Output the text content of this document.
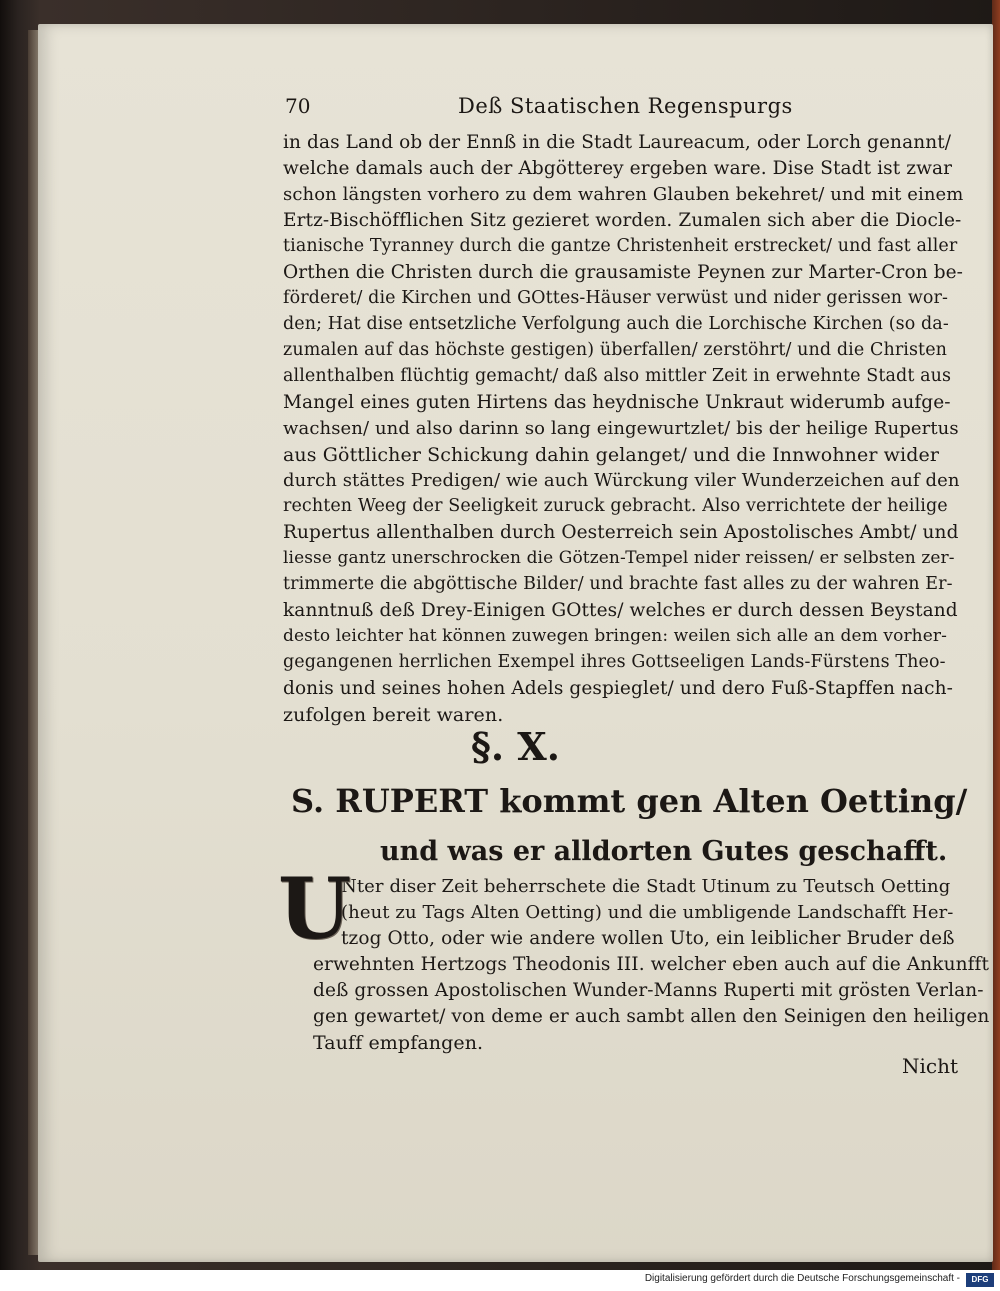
70	Deß Staatischen Regenspurgs
in das Land ob der Ennß in die Stadt Laureacum, oder Lorch genannt/
welche damals auch der Abgötterey ergeben ware. Dise Stadt ist zwar
schon längsten vorhero zu dem wahren Glauben bekehret/ und mit einem
Ertz-Bischöfflichen Sitz gezieret worden. Zumalen sich aber die Diocle-
tianische Tyranney durch die gantze Christenheit erstrecket/ und fast aller
Orthen die Christen durch die grausamiste Peynen zur Marter-Cron be-
förderet/ die Kirchen und GOttes-Häuser verwüst und nider gerissen wor-
den; Hat dise entsetzliche Verfolgung auch die Lorchische Kirchen (so da-
zumalen auf das höchste gestigen) überfallen/ zerstöhrt/ und die Christen
allenthalben flüchtig gemacht/ daß also mittler Zeit in erwehnte Stadt aus
Mangel eines guten Hirtens das heydnische Unkraut widerumb aufge-
wachsen/ und also darinn so lang eingewurtzlet/ bis der heilige Rupertus
aus Göttlicher Schickung dahin gelanget/ und die Innwohner wider
durch stättes Predigen/ wie auch Würckung viler Wunderzeichen auf den
rechten Weeg der Seeligkeit zuruck gebracht. Also verrichtete der heilige
Rupertus allenthalben durch Oesterreich sein Apostolisches Ambt/ und
liesse gantz unerschrocken die Götzen-Tempel nider reissen/ er selbsten zer-
trimmerte die abgöttische Bilder/ und brachte fast alles zu der wahren Er-
kanntnuß deß Drey-Einigen GOttes/ welches er durch dessen Beystand
desto leichter hat können zuwegen bringen: weilen sich alle an dem vorher-
gegangenen herrlichen Exempel ihres Gottseeligen Lands-Fürstens Theo-
donis und seines hohen Adels gespieglet/ und dero Fuß-Stapffen nach-
zufolgen bereit waren.
Nter diser Zeit beherrschete die Stadt Utinum zu Teutsch Oetting
(heut zu Tags Alten Oetting) und die umbligende Landschafft Her-
tzog Otto, oder wie andere wollen Uto, ein leiblicher Bruder deß
erwehnten Hertzogs Theodonis III. welcher eben auch auf die Ankunfft
deß grossen Apostolischen Wunder-Manns Ruperti mit grösten Verlan-
gen gewartet/ von deme er auch sambt allen den Seinigen den heiligen
Tauff empfangen.
§. X.
S. RUPERT kommt gen Alten Oetting/
und was er alldorten Gutes geschafft.
U
Nicht
Digitalisierung gefördert durch die Deutsche Forschungsgemeinschaft -	DFG
